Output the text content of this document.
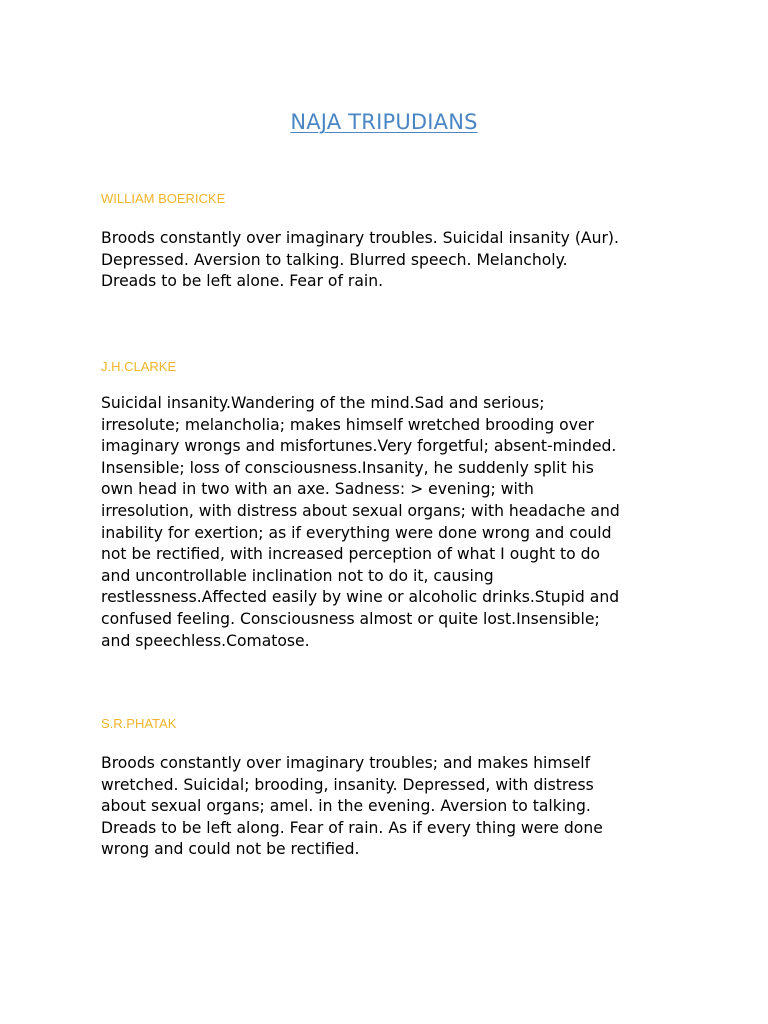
NAJA TRIPUDIANS

WILLIAM BOERICKE

Broods constantly over imaginary troubles. Suicidal insanity (Aur).
Depressed. Aversion to talking. Blurred speech. Melancholy.
Dreads to be left alone. Fear of rain.

J.H.CLARKE

Suicidal insanity.Wandering of the mind.Sad and serious;
irresolute; melancholia; makes himself wretched brooding over
imaginary wrongs and misfortunes.Very forgetful; absent-minded.
Insensible; loss of consciousness.Insanity, he suddenly split his
own head in two with an axe. Sadness: > evening; with
irresolution, with distress about sexual organs; with headache and
inability for exertion; as if everything were done wrong and could
not be rectified, with increased perception of what I ought to do
and uncontrollable inclination not to do it, causing
restlessness.Affected easily by wine or alcoholic drinks.Stupid and
confused feeling. Consciousness almost or quite lost.Insensible;
and speechless.Comatose.

S.R.PHATAK

Broods constantly over imaginary troubles; and makes himself
wretched. Suicidal; brooding, insanity. Depressed, with distress
about sexual organs; amel. in the evening. Aversion to talking.
Dreads to be left along. Fear of rain. As if every thing were done
wrong and could not be rectified.
